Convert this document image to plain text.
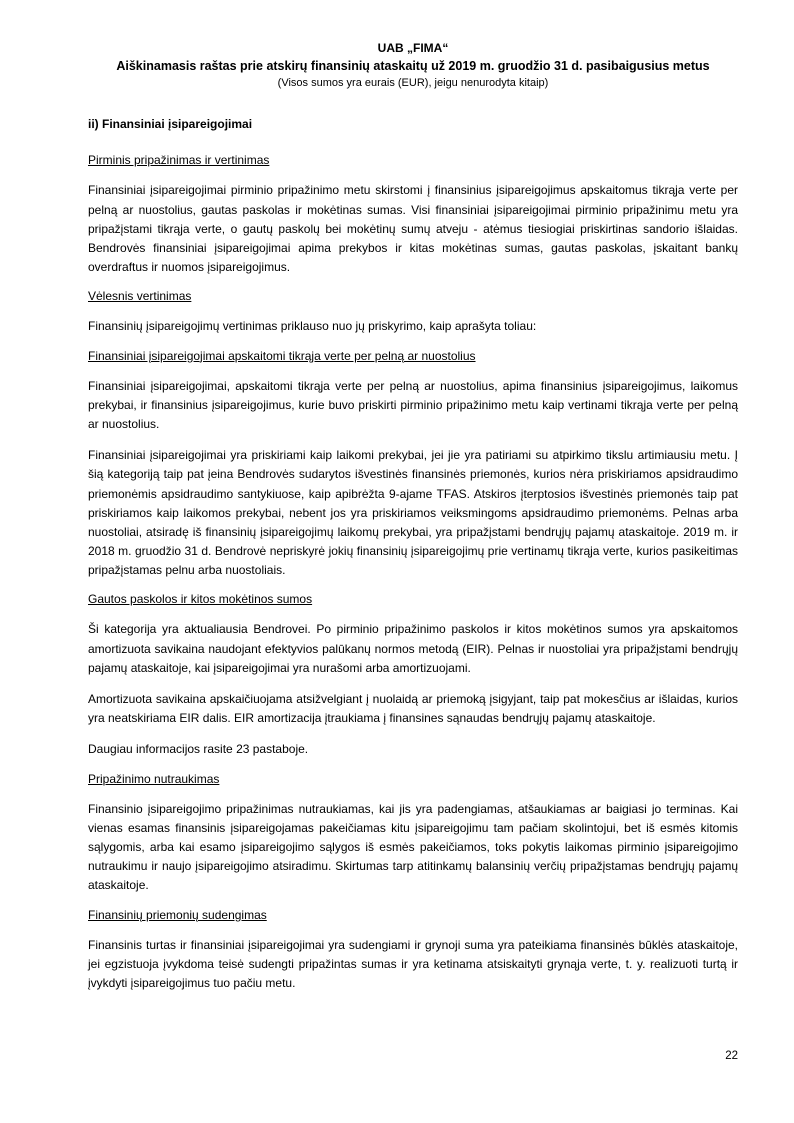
UAB „FIMA“
Aiškinamasis raštas prie atskirų finansinių ataskaitų už 2019 m. gruodžio 31 d. pasibaigusius metus
(Visos sumos yra eurais (EUR), jeigu nenurodyta kitaip)
ii) Finansiniai įsipareigojimai
Pirminis pripažinimas ir vertinimas

Finansiniai įsipareigojimai pirminio pripažinimo metu skirstomi į finansinius įsipareigojimus apskaitomus tikrąja verte per pelną ar nuostolius, gautas paskolas ir mokėtinas sumas. Visi finansiniai įsipareigojimai pirminio pripažinimu metu yra pripažįstami tikrąja verte, o gautų paskolų bei mokėtinų sumų atveju - atėmus tiesiogiai priskirtinas sandorio išlaidas. Bendrovės finansiniai įsipareigojimai apima prekybos ir kitas mokėtinas sumas, gautas paskolas, įskaitant bankų overdraftus ir nuomos įsipareigojimus.

Vėlesnis vertinimas

Finansinių įsipareigojimų vertinimas priklauso nuo jų priskyrimo, kaip aprašyta toliau:

Finansiniai įsipareigojimai apskaitomi tikrąja verte per pelną ar nuostolius

Finansiniai įsipareigojimai, apskaitomi tikrąja verte per pelną ar nuostolius, apima finansinius įsipareigojimus, laikomus prekybai, ir finansinius įsipareigojimus, kurie buvo priskirti pirminio pripažinimo metu kaip vertinami tikrąja verte per pelną ar nuostolius.

Finansiniai įsipareigojimai yra priskiriami kaip laikomi prekybai, jei jie yra patiriami su atpirkimo tikslu artimiausiu metu. Į šią kategoriją taip pat įeina Bendrovės sudarytos išvestinės finansinės priemonės, kurios nėra priskiriamos apsidraudimo priemonėmis apsidraudimo santykiuose, kaip apibrėžta 9-ajame TFAS. Atskiros įterptosios išvestinės priemonės taip pat priskiriamos kaip laikomos prekybai, nebent jos yra priskiriamos veiksmingoms apsidraudimo priemonėms. Pelnas arba nuostoliai, atsiradę iš finansinių įsipareigojimų laikomų prekybai, yra pripažįstami bendrųjų pajamų ataskaitoje. 2019 m. ir 2018 m. gruodžio 31 d. Bendrovė nepriskyrė jokių finansinių įsipareigojimų prie vertinamų tikrąja verte, kurios pasikeitimas pripažįstamas pelnu arba nuostoliais.

Gautos paskolos ir kitos mokėtinos sumos

Ši kategorija yra aktualiausia Bendrovei. Po pirminio pripažinimo paskolos ir kitos mokėtinos sumos yra apskaitomos amortizuota savikaina naudojant efektyvios palūkanų normos metodą (EIR). Pelnas ir nuostoliai yra pripažįstami bendrųjų pajamų ataskaitoje, kai įsipareigojimai yra nurašomi arba amortizuojami.

Amortizuota savikaina apskaičiuojama atsižvelgiant į nuolaidą ar priemoką įsigyjant, taip pat mokesčius ar išlaidas, kurios yra neatskiriama EIR dalis. EIR amortizacija įtraukiama į finansines sąnaudas bendrųjų pajamų ataskaitoje.

Daugiau informacijos rasite 23 pastaboje.

Pripažinimo nutraukimas

Finansinio įsipareigojimo pripažinimas nutraukiamas, kai jis yra padengiamas, atšaukiamas ar baigiasi jo terminas. Kai vienas esamas finansinis įsipareigojamas pakeičiamas kitu įsipareigojimu tam pačiam skolintojui, bet iš esmės kitomis sąlygomis, arba kai esamo įsipareigojimo sąlygos iš esmės pakeičiamos, toks pokytis laikomas pirminio įsipareigojimo nutraukimu ir naujo įsipareigojimo atsiradimu. Skirtumas tarp atitinkamų balansinių verčių pripažįstamas bendrųjų pajamų ataskaitoje.

Finansinių priemonių sudengimas

Finansinis turtas ir finansiniai įsipareigojimai yra sudengiami ir grynoji suma yra pateikiama finansinės būklės ataskaitoje, jei egzistuoja įvykdoma teisė sudengti pripažintas sumas ir yra ketinama atsiskaityti grynąja verte, t. y. realizuoti turtą ir įvykdyti įsipareigojimus tuo pačiu metu.

22
